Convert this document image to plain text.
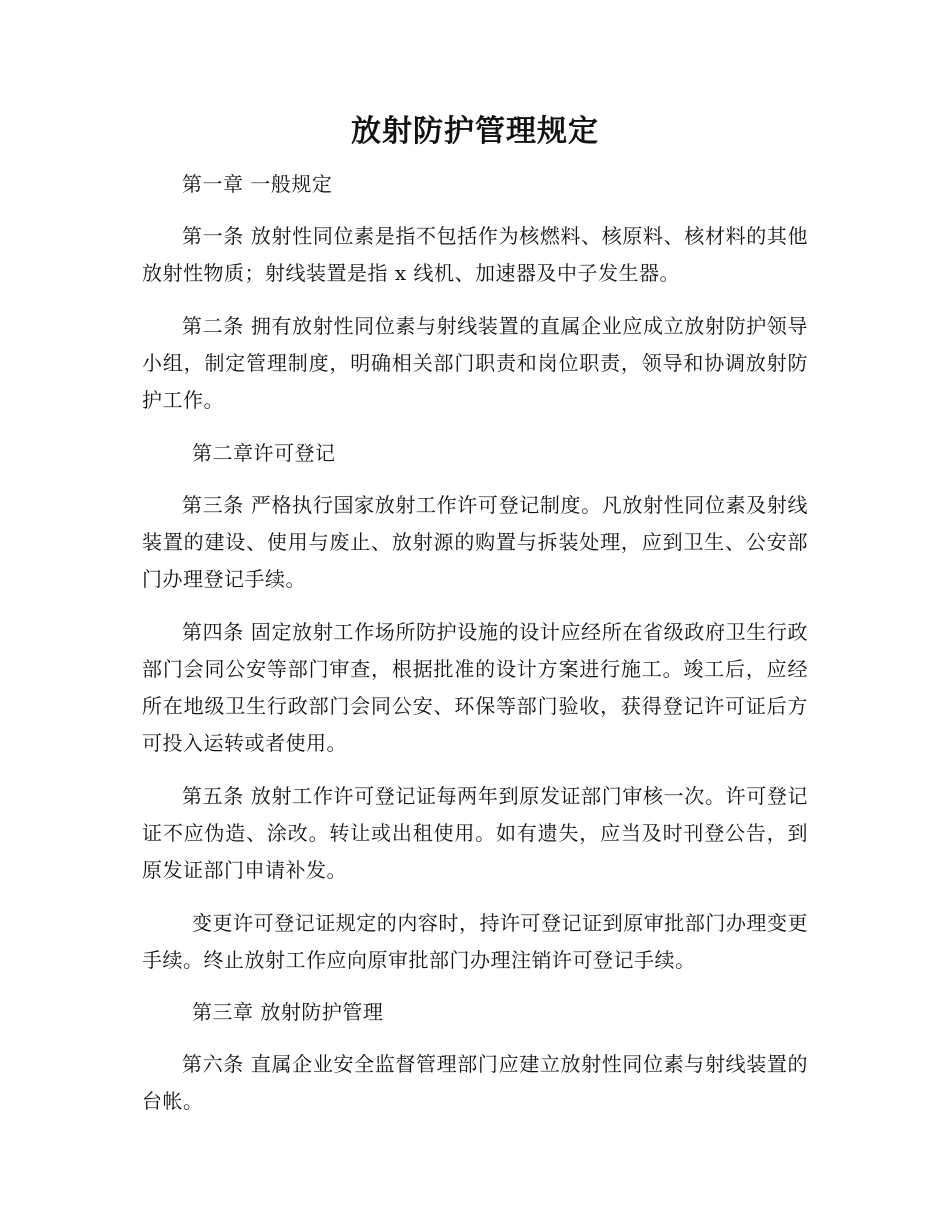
放射防护管理规定

第一章 一般规定

第一条 放射性同位素是指不包括作为核燃料、核原料、核材料的其他放射性物质；射线装置是指 x 线机、加速器及中子发生器。

第二条 拥有放射性同位素与射线装置的直属企业应成立放射防护领导小组，制定管理制度，明确相关部门职责和岗位职责，领导和协调放射防护工作。

第二章许可登记

第三条 严格执行国家放射工作许可登记制度。凡放射性同位素及射线装置的建设、使用与废止、放射源的购置与拆装处理，应到卫生、公安部门办理登记手续。

第四条 固定放射工作场所防护设施的设计应经所在省级政府卫生行政部门会同公安等部门审查，根据批准的设计方案进行施工。竣工后，应经所在地级卫生行政部门会同公安、环保等部门验收，获得登记许可证后方可投入运转或者使用。

第五条 放射工作许可登记证每两年到原发证部门审核一次。许可登记证不应伪造、涂改。转让或出租使用。如有遗失，应当及时刊登公告，到原发证部门申请补发。

变更许可登记证规定的内容时，持许可登记证到原审批部门办理变更手续。终止放射工作应向原审批部门办理注销许可登记手续。

第三章 放射防护管理

第六条 直属企业安全监督管理部门应建立放射性同位素与射线装置的台帐。
